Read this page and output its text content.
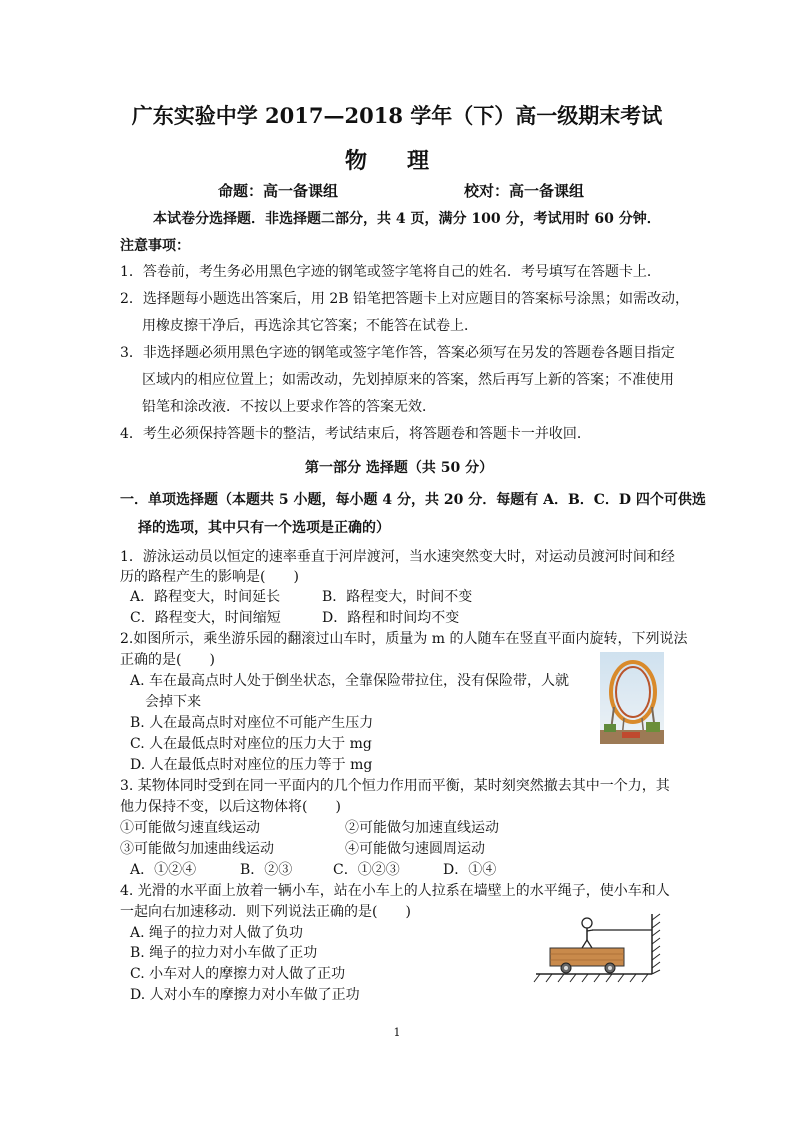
广东实验中学 2017—2018 学年（下）高一级期末考试
物理
命题：高一备课组	校对：高一备课组
本试卷分选择题．非选择题二部分，共 4 页，满分 100 分，考试用时 60 分钟．
注意事项：
1．答卷前，考生务必用黑色字迹的钢笔或签字笔将自己的姓名．考号填写在答题卡上．
2．选择题每小题选出答案后，用 2B 铅笔把答题卡上对应题目的答案标号涂黑；如需改动，
用橡皮擦干净后，再选涂其它答案；不能答在试卷上．
3．非选择题必须用黑色字迹的钢笔或签字笔作答，答案必须写在另发的答题卷各题目指定
区域内的相应位置上；如需改动，先划掉原来的答案，然后再写上新的答案；不准使用
铅笔和涂改液．不按以上要求作答的答案无效．
4．考生必须保持答题卡的整洁，考试结束后，将答题卷和答题卡一并收回．
第一部分 选择题（共 50 分）
一．单项选择题（本题共 5 小题，每小题 4 分，共 20 分．每题有 A．B．C．D 四个可供选
择的选项，其中只有一个选项是正确的）
1．游泳运动员以恒定的速率垂直于河岸渡河，当水速突然变大时，对运动员渡河时间和经
历的路程产生的影响是(　　)
A．路程变大，时间延长	B．路程变大，时间不变
C．路程变大，时间缩短	D．路程和时间均不变
2.如图所示，乘坐游乐园的翻滚过山车时，质量为 m 的人随车在竖直平面内旋转，下列说法
正确的是(　　)
A. 车在最高点时人处于倒坐状态，全靠保险带拉住，没有保险带，人就
会掉下来
B. 人在最高点时对座位不可能产生压力
C. 人在最低点时对座位的压力大于 mg
D. 人在最低点时对座位的压力等于 mg
3. 某物体同时受到在同一平面内的几个恒力作用而平衡，某时刻突然撤去其中一个力，其
他力保持不变，以后这物体将(　　)
①可能做匀速直线运动	②可能做匀加速直线运动
③可能做匀加速曲线运动	④可能做匀速圆周运动
A．①②④	B．②③	C．①②③	D．①④
4. 光滑的水平面上放着一辆小车，站在小车上的人拉系在墙壁上的水平绳子，使小车和人
一起向右加速移动．则下列说法正确的是(　　)
A. 绳子的拉力对人做了负功
B. 绳子的拉力对小车做了正功
C. 小车对人的摩擦力对人做了正功
D. 人对小车的摩擦力对小车做了正功
1
